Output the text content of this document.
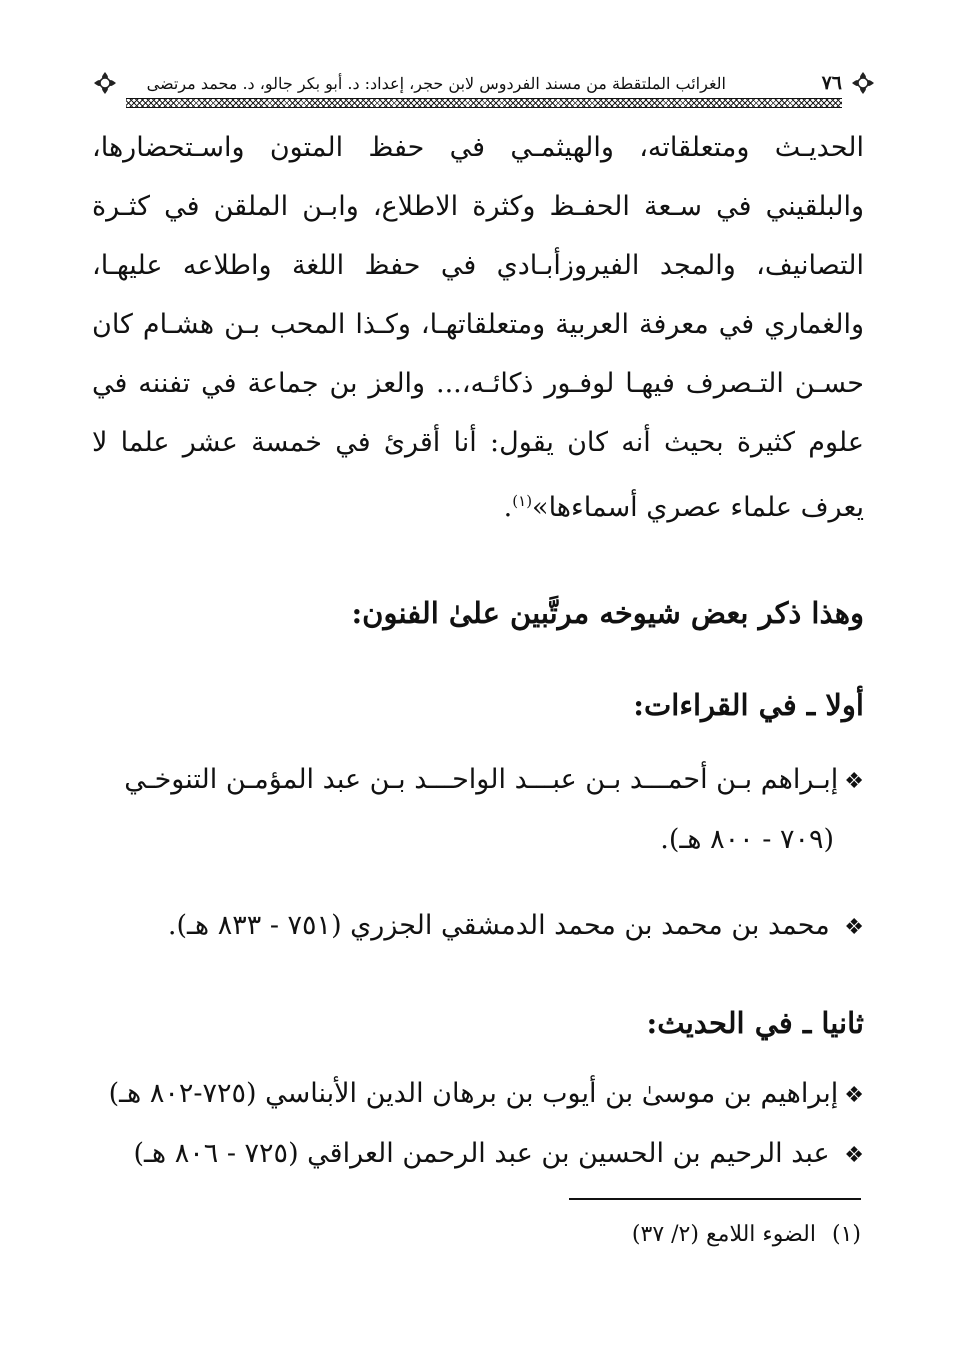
٧٦
الغرائب الملتقطة من مسند الفردوس لابن حجر، إعداد: د. أبو بكر جالو، د. محمد مرتضى

الحديـث ومتعلقاته، والهيثمـي في حفظ المتون واسـتحضارها، والبلقيني في سـعة الحفـظ وكثرة الاطلاع، وابـن الملقن في كثـرة التصانيف، والمجد الفيروزأبـادي في حفظ اللغة واطلاعه عليهـا، والغماري في معرفة العربية ومتعلقاتهـا، وكـذا المحب بـن هشـام كان حسـن التـصرف فيهـا لوفـور ذكائـه،... والعز بن جماعة في تفننه في علوم كثيرة بحيث أنه كان يقول: أنا أقرئ في خمسة عشر علما لا يعرف علماء عصري أسماءها»$^{(١)}$.

وهذا ذكر بعض شيوخه مرتَّبين علىٰ الفنون:
أولا ـ في القراءات:
❖إبـراهم بـن أحمـــد بـن عبـــد الواحـــد بـن عبد المؤمـن التنوخـي
(٧٠٩ - ٨٠٠ هـ).
❖ محمد بن محمد بن محمد الدمشقي الجزري (٧٥١ - ٨٣٣ هـ).
ثانيا ـ في الحديث:
❖إبراهيم بن موسىٰ بن أيوب بن برهان الدين الأبناسي (٧٢٥-٨٠٢ هـ)
❖ عبد الرحيم بن الحسين بن عبد الرحمن العراقي (٧٢٥ - ٨٠٦ هـ)
(١)الضوء اللامع (٢/ ٣٧)
